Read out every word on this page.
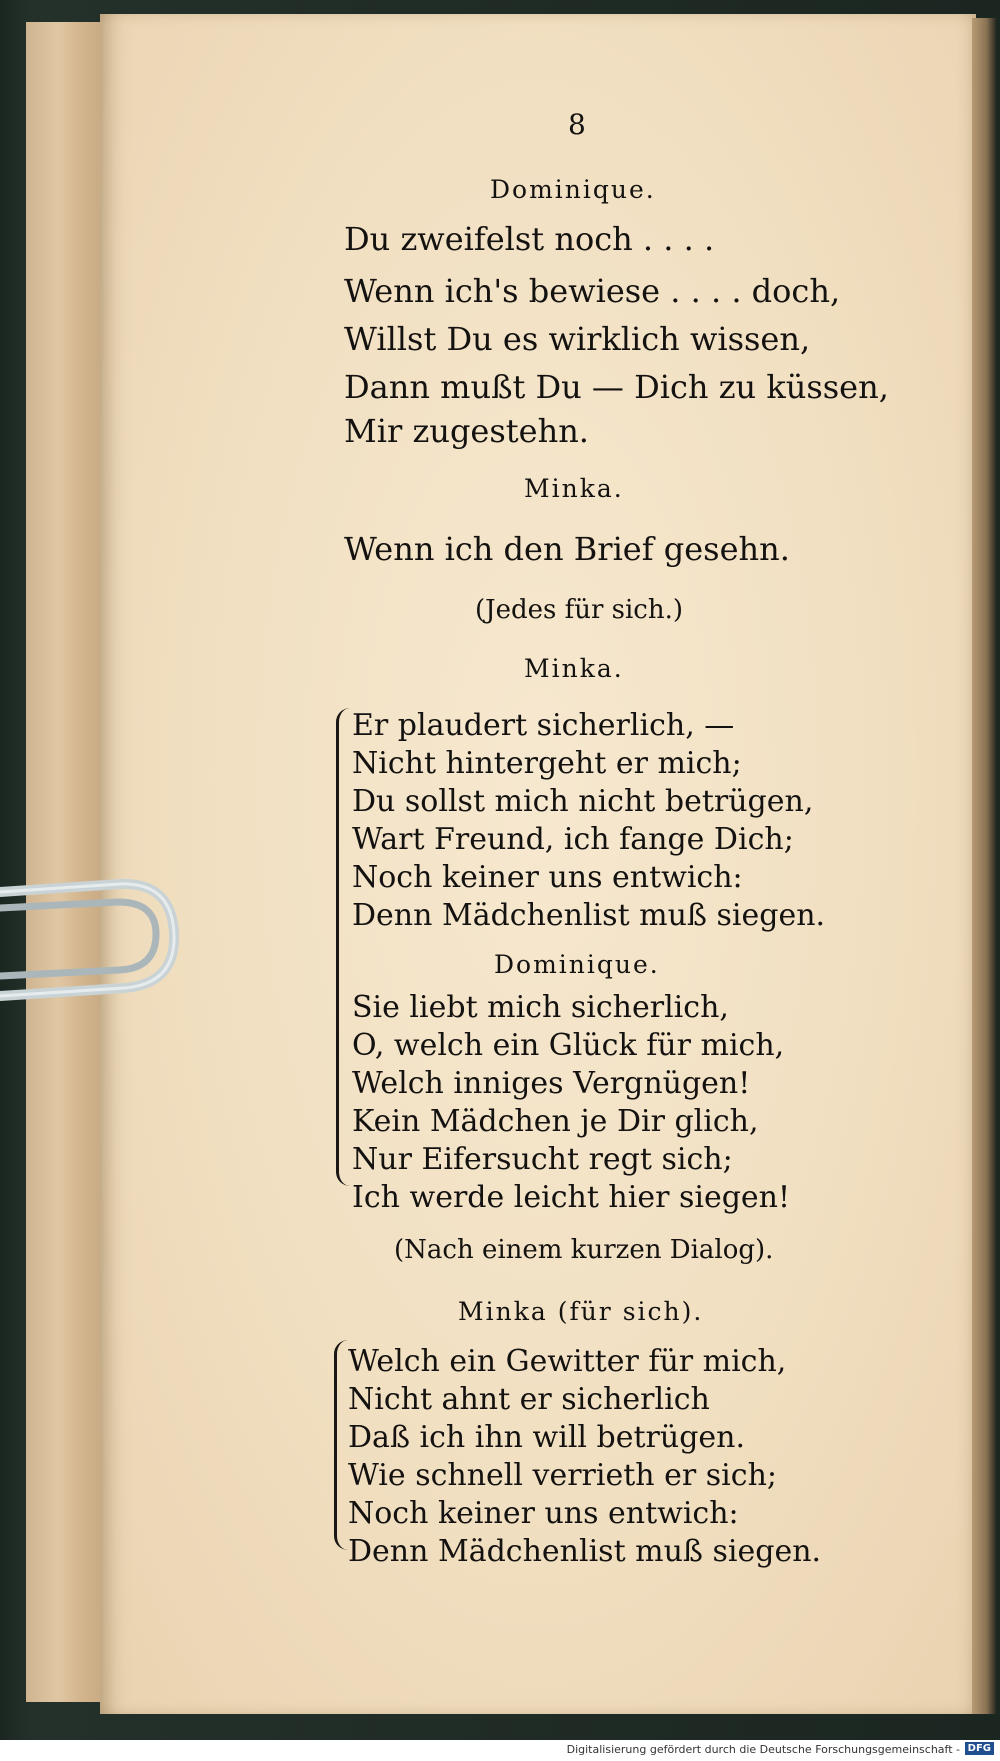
8
Dominique.
Du zweifelst noch . . . .
Wenn ich's bewiese . . . . doch,
Willst Du es wirklich wissen,
Dann mußt Du — Dich zu küssen,
Mir zugestehn.
Minka.
Wenn ich den Brief gesehn.
(Jedes für sich.)
Minka.
Er plaudert sicherlich, —
Nicht hintergeht er mich;
Du sollst mich nicht betrügen,
Wart Freund, ich fange Dich;
Noch keiner uns entwich:
Denn Mädchenlist muß siegen.
Dominique.
Sie liebt mich sicherlich,
O, welch ein Glück für mich,
Welch inniges Vergnügen!
Kein Mädchen je Dir glich,
Nur Eifersucht regt sich;
Ich werde leicht hier siegen!
(Nach einem kurzen Dialog).
Minka (für sich).
Welch ein Gewitter für mich,
Nicht ahnt er sicherlich
Daß ich ihn will betrügen.
Wie schnell verrieth er sich;
Noch keiner uns entwich:
Denn Mädchenlist muß siegen.
Digitalisierung gefördert durch die Deutsche Forschungsgemeinschaft - DFG
